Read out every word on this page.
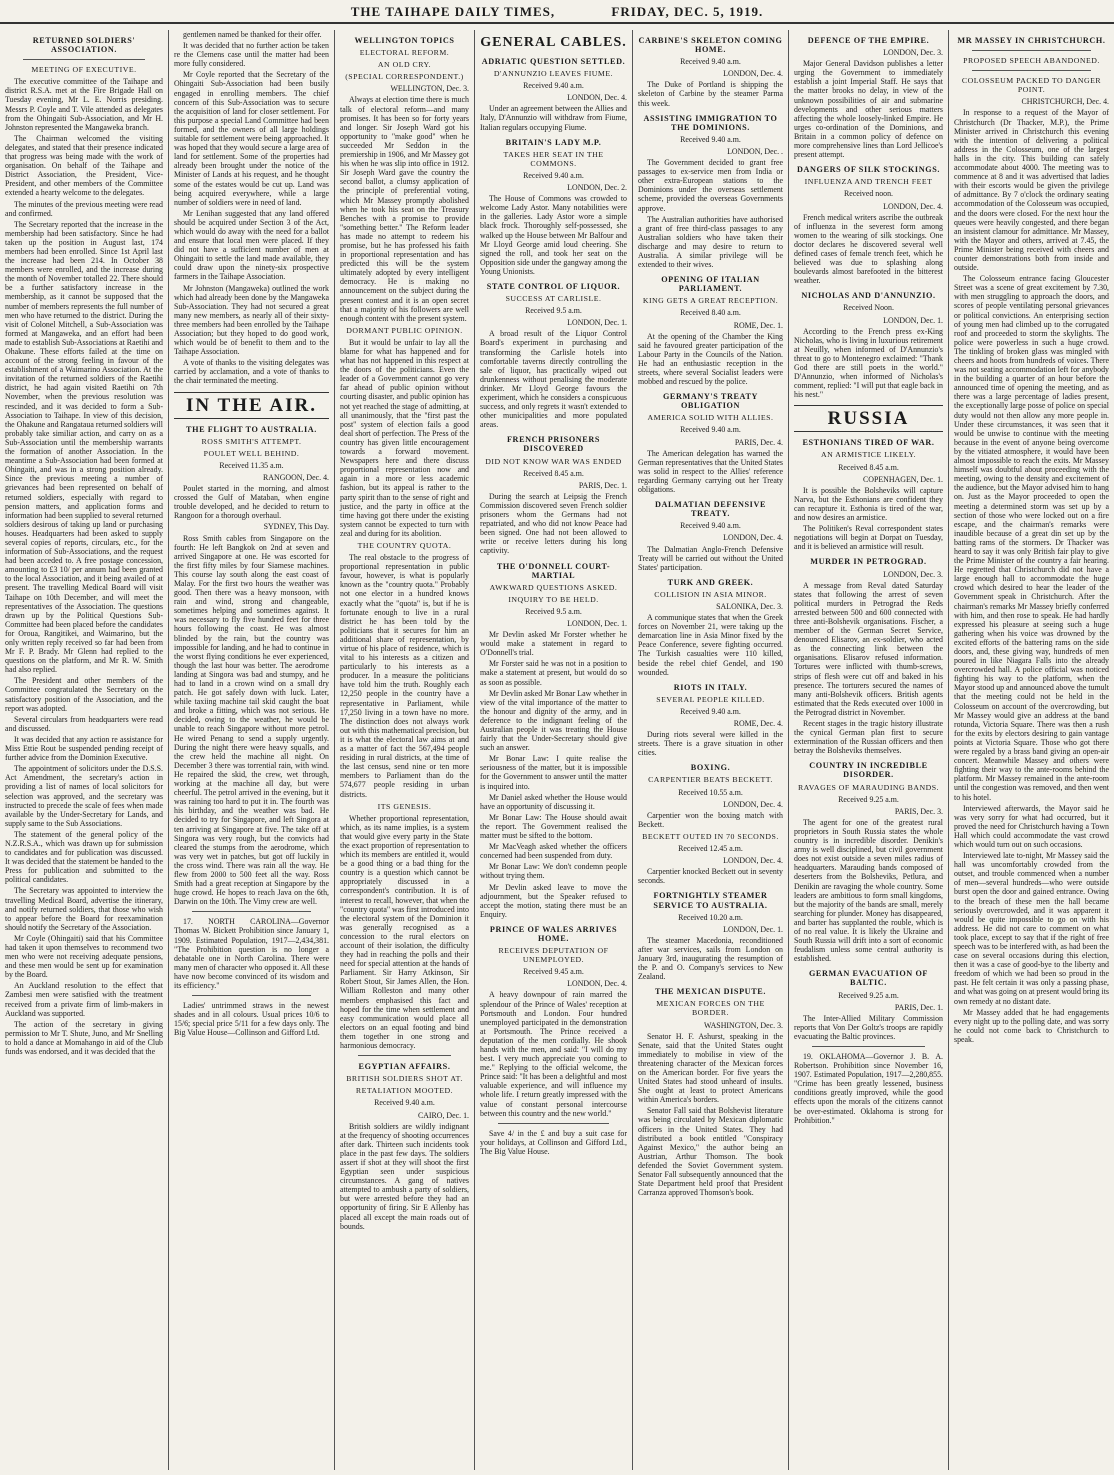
THE TAIHAPE DAILY TIMES,	FRIDAY, DEC. 5, 1919.
RETURNED SOLDIERS' ASSOCIATION.
MEETING OF EXECUTIVE.

The executive committee of the Taihape and district R.S.A. met at the Fire Brigade Hall on Tuesday evening, Mr L. E. Norris presiding. Messrs P. Coyle and T. Vile attended as delegates from the Ohingaiti Sub-Association, and Mr H. Johnston represented the Mangaweka branch.

The Chairman welcomed the visiting delegates, and stated that their presence indicated that progress was being made with the work of organisation. On behalf of the Taihape and District Association, the President, Vice-President, and other members of the Committee extended a hearty welcome to the delegates.

The minutes of the previous meeting were read and confirmed.

The Secretary reported that the increase in the membership had been satisfactory. Since he had taken up the position in August last, 174 members had been enrolled. Since 1st April last the increase had been 214. In October 38 members were enrolled, and the increase during the month of November totalled 22. There should be a further satisfactory increase in the membership, as it cannot be supposed that the number of members represents the full number of men who have returned to the district. During the visit of Colonel Mitchell, a Sub-Association was formed at Mangaweka, and an effort had been made to establish Sub-Associations at Raetihi and Ohakune. These efforts failed at the time on account of the strong feeling in favour of the establishment of a Waimarino Association. At the invitation of the returned soldiers of the Raetihi district, he had again visited Raetihi on 7th November, when the previous resolution was rescinded, and it was decided to form a Sub-Association to Taihape. In view of this decision, the Ohakune and Rangataua returned soldiers will probably take similiar action, and carry on as a Sub-Association until the membership warrants the formation of another Association. In the meantime a Sub-Association had been formed at Ohingaiti, and was in a strong position already. Since the previous meeting a number of grievances had been represented on behalf of returned soldiers, especially with regard to pension matters, and application forms and information had been supplied to several returned soldiers desirous of taking up land or purchasing houses. Headquarters had been asked to supply several copies of reports, circulars, etc., for the information of Sub-Associations, and the request had been acceded to. A free postage concession, amounting to £3 10/ per annum had been granted to the local Association, and it being availed of at present. The travelling Medical Board will visit Taihape on 10th December, and will meet the representatives of the Association. The questions drawn up by the Political Questions Sub-Committee had been placed before the candidates for Oroua, Rangitikei, and Waimarino, but the only written reply received so far had been from Mr F. P. Brady. Mr Glenn had replied to the questions on the platform, and Mr R. W. Smith had also replied.

The President and other members of the Committee congratulated the Secretary on the satisfactory position of the Association, and the report was adopted.

Several circulars from headquarters were read and discussed.

It was decided that any action re assistance for Miss Ettie Rout be suspended pending receipt of further advice from the Dominion Executive.

The appointment of solicitors under the D.S.S. Act Amendment, the secretary's action in providing a list of names of local solicitors for selection was approved, and the secretary was instructed to precede the scale of fees when made available by the Under-Secretary for Lands, and supply same to the Sub Associations.

The statement of the general policy of the N.Z.R.S.A., which was drawn up for submission to candidates and for publication was discussed. It was decided that the statement be handed to the Press for publication and submitted to the political candidates.

The Secretary was appointed to interview the travelling Medical Board, advertise the itinerary, and notify returned soldiers, that those who wish to appear before the Board for reexamination should notify the Secretary of the Association.

Mr Coyle (Ohingaiti) said that his Committee had taken it upon themselves to recommend two men who were not receiving adequate pensions, and these men would be sent up for examination by the Board.

An Auckland resolution to the effect that Zambesi men were satisfied with the treatment received from a private firm of limb-makers in Auckland was supported.

The action of the secretary in giving permission to Mr T. Shute, Juno, and Mr Snelling to hold a dance at Momahango in aid of the Club funds was endorsed, and it was decided that the

gentlemen named be thanked for their offer.

It was decided that no further action be taken re the Clemens case until the matter had been more fully considered.

Mr Coyle reported that the Secretary of the Ohingaiti Sub-Association had been busily engaged in enrolling members. The chief concern of this Sub-Association was to secure the acquisition of land for closer settlement. For this purpose a special Land Committee had been formed, and the owners of all large holdings suitable for settlement were being approached. It was hoped that they would secure a large area of land for settlement. Some of the properties had already been brought under the notice of the Minister of Lands at his request, and he thought some of the estates would be cut up. Land was being acquired everywhere, while a large number of soldiers were in need of land.

Mr Lenihan suggested that any land offered should be acquired under Section 3 of the Act, which would do away with the need for a ballot and ensure that local men were placed. If they did not have a sufficient number of men at Ohingaiti to settle the land made available, they could draw upon the ninety-six prospective farmers in the Taihape Association.

Mr Johnston (Mangaweka) outlined the work which had already been done by the Mangaweka Sub-Association. They had not secured a great many new members, as nearly all of their sixty-three members had been enrolled by the Taihape Association; but they hoped to do good work, which would be of benefit to them and to the Taihape Association.

A vote of thanks to the visiting delegates was carried by acclamation, and a vote of thanks to the chair terminated the meeting.

IN THE AIR.
THE FLIGHT TO AUSTRALIA.
ROSS SMITH'S ATTEMPT.
POULET WELL BEHIND.
Received 11.35 a.m.
RANGOON, Dec. 4.

Poulet started in the morning, and almost crossed the Gulf of Mataban, when engine trouble developed, and he decided to return to Rangoon for a thorough overhaul.

SYDNEY, This Day.

Ross Smith cables from Singapore on the fourth: He left Bangkok on 2nd at seven and arrived Singapore at one. He was escorted for the first fifty miles by four Siamese machines. This course lay south along the east coast of Malay. For the first two hours the weather was good. Then there was a heavy monsoon, with rain and wind, strong and changeable, sometimes helping and sometimes against. It was necessary to fly five hundred feet for three hours following the coast. He was almost blinded by the rain, but the country was impossible for landing, and he had to continue in the worst flying conditions he ever experienced, though the last hour was better. The aerodrome landing at Singora was bad and stumpy, and he had to land in a crown wind on a small dry patch. He got safely down with luck. Later, while taxiing machine tail skid caught the boat and broke a fitting, which was not serious. He decided, owing to the weather, he would be unable to reach Singapore without more petrol. He wired Penang to send a supply urgently. During the night there were heavy squalls, and the crew held the machine all night. On December 3 there was torrential rain, with wind. He repaired the skid, the crew, wet through, working at the machine all day, but were cheerful. The petrol arrived in the evening, but it was raining too hard to put it in. The fourth was his birthday, and the weather was bad. He decided to try for Singapore, and left Singora at ten arriving at Singapore at five. The take off at Singora was very rough, but the convicts had cleared the stumps from the aerodrome, which was very wet in patches, but got off luckily in the cross wind. There was rain all the way. He flew from 2000 to 500 feet all the way. Ross Smith had a great reception at Singapore by the huge crowd. He hopes to reach Java on the 6th, Darwin on the 10th. The Vimy crew are well.

17. NORTH CAROLINA—Governor Thomas W. Bickett Prohibition since January 1, 1909. Estimated Population, 1917—2,434,381. "The Prohibition question is no longer a debatable one in North Carolina. There were many men of character who opposed it. All these have now become convinced of its wisdom and its efficiency."

Ladies' untrimmed straws in the newest shades and in all colours. Usual prices 10/6 to 15/6; special price 5/11 for a few days only. The Big Value House—Collinson and Gifford Ltd.

WELLINGTON TOPICS
ELECTORAL REFORM.
AN OLD CRY.
(SPECIAL CORRESPONDENT.)
WELLINGTON, Dec. 3.

Always at election time there is much talk of electoral reform—and many promises. It has been so for forty years and longer. Sir Joseph Ward got his opportunity to "make good" when he succeeded Mr Seddon in the premiership in 1906, and Mr Massey got his when he was slip into office in 1912. Sir Joseph Ward gave the country the second ballot, a clumsy application of the principle of preferential voting, which Mr Massey promptly abolished when he took his seat on the Treasury Benches with a promise to provide "something better." The Reform leader has made no attempt to redeem his promise, but he has professed his faith in proportional representation and has predicted this will be the system ultimately adopted by every intelligent democracy. He is making no announcement on the subject during the present contest and it is an open secret that a majority of his followers are well enough content with the present system.

DORMANT PUBLIC OPINION.

But it would be unfair to lay all the blame for what has happened and for what has not happened in this respect at the doors of the politicians. Even the leader of a Government cannot go very far ahead of public opinion without courting disaster, and public opinion has not yet reached the stage of admitting, at all unanimously, that the "first past the post" system of election fails a good deal short of perfection. The Press of the country has given little encouragement towards a forward movement. Newspapers here and there discuss proportional representation now and again in a more or less academic fashion, but its appeal is rather to the party spirit than to the sense of right and justice, and the party in office at the time having got there under the existing system cannot be expected to turn with zeal and during for its abolition.

THE COUNTRY QUOTA.

The real obstacle to the progress of proportional representation in public favour, however, is what is popularly known as the "country quota." Probably not one elector in a hundred knows exactly what the "quota" is, but if he is fortunate enough to live in a rural district he has been told by the politicians that it secures for him an additional share of representation, by virtue of his place of residence, which is vital to his interests as a citizen and particularly to his interests as a producer. In a measure the politicians have told him the truth. Roughly each 12,250 people in the country have a representative in Parliament, while 17,250 living in a town have no more. The distinction does not always work out with this mathematical precision, but it is what the electoral law aims at and as a matter of fact the 567,494 people residing in rural districts, at the time of the last census, send nine or ten more members to Parliament than do the 574,677 people residing in urban districts.

ITS GENESIS.

Whether proportional representation, which, as its name implies, is a system that would give every party in the State the exact proportion of representation to which its members are entitled it, would be a good thing or a bad thing for the country is a question which cannot be appropriately discussed in a correspondent's contribution. It is of interest to recall, however, that when the "country quota" was first introduced into the electoral system of the Dominion it was generally recognised as a concession to the rural electors on account of their isolation, the difficulty they had in reaching the polls and their need for special attention at the hands of Parliament. Sir Harry Atkinson, Sir Robert Stout, Sir James Allen, the Hon. William Rolleston and many other members emphasised this fact and hoped for the time when settlement and easy communication would place all electors on an equal footing and bind them together in one strong and harmonious democracy.

EGYPTIAN AFFAIRS.
BRITISH SOLDIERS SHOT AT.
RETALIATION MOOTED.
Received 9.40 a.m.
CAIRO, Dec. 1.

British soldiers are wildly indignant at the frequency of shooting occurrences after dark. Thirteen such incidents took place in the past few days. The soldiers assert if shot at they will shoot the first Egyptian seen under suspicious circumstances. A gang of natives attempted to ambush a party of soldiers, but were arrested before they had an opportunity of firing. Sir E Allenby has placed all except the main roads out of bounds.

GENERAL CABLES.
ADRIATIC QUESTION SETTLED.
D'ANNUNZIO LEAVES FIUME.
Received 9.40 a.m.
LONDON, Dec. 4.

Under an agreement between the Allies and Italy, D'Annunzio will withdraw from Fiume, Italian regulars occupying Fiume.

BRITAIN'S LADY M.P.
TAKES HER SEAT IN THE COMMONS.
Received 9.40 a.m.
LONDON, Dec. 2.

The House of Commons was crowded to welcome Lady Astor. Many notabilities were in the galleries. Lady Astor wore a simple black frock. Thoroughly self-possessed, she walked up the House between Mr Balfour and Mr Lloyd George amid loud cheering. She signed the roll, and took her seat on the Opposition side under the gangway among the Young Unionists.

STATE CONTROL OF LIQUOR.
SUCCESS AT CARLISLE.
Received 9.5 a.m.
LONDON, Dec. 1.

A broad result of the Liquor Control Board's experiment in purchasing and transforming the Carlisle hotels into comfortable taverns directly controlling the sale of liquor, has practically wiped out drunkenness without penalising the moderate drinker. Mr Lloyd George favours the experiment, which he considers a conspicuous success, and only regrets it wasn't extended to other municipalities and more populated areas.

FRENCH PRISONERS DISCOVERED
DID NOT KNOW WAR WAS ENDED
Received 8.45 a.m.
PARIS, Dec. 1.

During the search at Leipsig the French Commission discovered seven French soldier prisoners whom the Germans had not repatriated, and who did not know Peace had been signed. One had not been allowed to write or receive letters during his long captivity.

THE O'DONNELL COURT-MARTIAL
AWKWARD QUESTIONS ASKED.
INQUIRY TO BE HELD.
Received 9.5 a.m.
LONDON, Dec. 1.

Mr Devlin asked Mr Forster whether he would make a statement in regard to O'Donnell's trial.

Mr Forster said he was not in a position to make a statement at present, but would do so as soon as possible.

Mr Devlin asked Mr Bonar Law whether in view of the vital importance of the matter to the honour and dignity of the army, and in deference to the indignant feeling of the Australian people it was treating the House fairly that the Under-Secretary should give such an answer.

Mr Bonar Law: I quite realise the seriousness of the matter, but it is impossible for the Government to answer until the matter is inquired into.

Mr Daniel asked whether the House would have an opportunity of discussing it.

Mr Bonar Law: The House should await the report. The Government realised the matter must be sifted to the bottom.

Mr MacVeagh asked whether the officers concerned had been suspended from duty.

Mr Bonar Law: We don't condemn people without trying them.

Mr Devlin asked leave to move the adjournment, but the Speaker refused to accept the motion, stating there must be an Enquiry.

PRINCE OF WALES ARRIVES HOME.
RECEIVES DEPUTATION OF UNEMPLOYED.
Received 9.45 a.m.
LONDON, Dec. 4.

A heavy downpour of rain marred the splendour of the Prince of Wales' reception at Portsmouth and London. Four hundred unemployed participated in the demonstration at Portsmouth. The Prince received a deputation of the men cordially. He shook hands with the men, and said: "I will do my best. I very much appreciate you coming to me." Replying to the official welcome, the Prince said: "It has been a delightful and most valuable experience, and will influence my whole life. I return greatly impressed with the value of constant personal intercourse between this country and the new world."

Save 4/ in the £ and buy a suit case for your holidays, at Collinson and Gifford Ltd., The Big Value House.

CARBINE'S SKELETON COMING HOME.
Received 9.40 a.m.
LONDON, Dec. 4.

The Duke of Portland is shipping the skeleton of Carbine by the steamer Parma this week.

ASSISTING IMMIGRATION TO THE DOMINIONS.
Received 9.40 a.m.
LONDON, Dec. .

The Government decided to grant free passages to ex-service men from India or other extra-European stations to the Dominions under the overseas settlement scheme, provided the overseas Governments approve.

The Australian authorities have authorised a grant of free third-class passages to any Australian soldiers who have taken their discharge and may desire to return to Australia. A similar privilege will be extended to their wives.

OPENING OF ITALIAN PARLIAMENT.
KING GETS A GREAT RECEPTION.
Received 8.40 a.m.
ROME, Dec. 1.

At the opening of the Chamber the King said he favoured greater participation of the Labour Party in the Councils of the Nation. He had an enthusiastic reception in the streets, where several Socialist leaders were mobbed and rescued by the police.

GERMANY'S TREATY OBLIGATION
AMERICA SOLID WITH ALLIES.
Received 9.40 a.m.
PARIS, Dec. 4.

The American delegation has warned the German representatives that the United States was solid in respect to the Allies' reference regarding Germany carrying out her Treaty obligations.

DALMATIAN DEFENSIVE TREATY.
Received 9.40 a.m.
LONDON, Dec. 4.

The Dalmatian Anglo-French Defensive Treaty will be carried out without the United States' participation.

TURK AND GREEK.
COLLISION IN ASIA MINOR.
SALONIKA, Dec. 3.

A communique states that when the Greek forces on November 21, were taking up the demarcation line in Asia Minor fixed by the Peace Conference, severe fighting occurred. The Turkish casualties were 110 killed, beside the rebel chief Gendel, and 190 wounded.

RIOTS IN ITALY.
SEVERAL PEOPLE KILLED.
Received 9.40 a.m.
ROME, Dec. 4.

During riots several were killed in the streets. There is a grave situation in other cities.

BOXING.
CARPENTIER BEATS BECKETT.
Received 10.55 a.m.
LONDON, Dec. 4.

Carpentier won the boxing match with Beckett.

BECKETT OUTED IN 70 SECONDS.
Received 12.45 a.m.
LONDON, Dec. 4.

Carpentier knocked Beckett out in seventy seconds.

FORTNIGHTLY STEAMER SERVICE TO AUSTRALIA.
Received 10.20 a.m.
LONDON, Dec. 1.

The steamer Macedonia, reconditioned after war services, sails from London on January 3rd, inaugurating the resumption of the P. and O. Company's services to New Zealand.

THE MEXICAN DISPUTE.
MEXICAN FORCES ON THE BORDER.
WASHINGTON, Dec. 3.

Senator H. F. Ashurst, speaking in the Senate, said that the United States ought immediately to mobilise in view of the threatening character of the Mexican forces on the American border. For five years the United States had stood unheard of insults. She ought at least to protect Americans within America's borders.

Senator Fall said that Bolshevist literature was being circulated by Mexican diplomatic officers in the United States. They had distributed a book entitled "Conspiracy Against Mexico," the author being an Austrian, Arthur Thomson. The book defended the Soviet Government system. Senator Fall subsequently announced that the State Department held proof that President Carranza approved Thomson's book.

DEFENCE OF THE EMPIRE.
LONDON, Dec. 3.

Major General Davidson publishes a letter urging the Government to immediately establish a joint Imperial Staff. He says that the matter brooks no delay, in view of the unknown possibilities of air and submarine developments and other serious matters affecting the whole loosely-linked Empire. He urges co-ordination of the Dominions, and Britain in a common policy of defence on more comprehensive lines than Lord Jellicoe's present attempt.

DANGERS OF SILK STOCKINGS.
INFLUENZA AND TRENCH FEET
Received noon.
LONDON, Dec. 4.

French medical writers ascribe the outbreak of influenza in the severest form among women to the wearing of silk stockings. One doctor declares he discovered several well defined cases of female trench feet, which he believed was due to splashing along boulevards almost barefooted in the bitterest weather.

NICHOLAS AND D'ANNUNZIO.
Received Noon.
LONDON, Dec. 1.

According to the French press ex-King Nicholas, who is living in luxurious retirement at Neuilly, when informed of D'Annunzio's threat to go to Montenegro exclaimed: "Thank God there are still poets in the world." D'Annunzio, when informed of Nicholas's comment, replied: "I will put that eagle back in his nest."

RUSSIA
ESTHONIANS TIRED OF WAR.
AN ARMISTICE LIKELY.
Received 8.45 a.m.
COPENHAGEN, Dec. 1.

It is possible the Bolsheviks will capture Narva, but the Esthonians are confident they can recapture it. Esthonia is tired of the war, and now desires an armistice.

The Politiken's Reval correspondent states negotiations will begin at Dorpat on Tuesday, and it is believed an armistice will result.

MURDER IN PETROGRAD.
LONDON, Dec. 3.

A message from Reval dated Saturday states that following the arrest of seven political murders in Petrograd the Reds arrested between 500 and 600 connected with three anti-Bolshevik organisations. Fischer, a member of the German Secret Service, denounced Elisarov, an ex-soldier, who acted as the connecting link between the organisations. Elisarov refused information. Tortures were inflicted with thumb-screws, strips of flesh were cut off and baked in his presence. The torturers secured the names of many anti-Bolshevik officers. British agents estimated that the Reds executed over 1000 in the Petrograd district in November.

Recent stages in the tragic history illustrate the cynical German plan first to secure extermination of the Russian officers and then betray the Bolsheviks themselves.

COUNTRY IN INCREDIBLE DISORDER.
RAVAGES OF MARAUDING BANDS.
Received 9.25 a.m.
PARIS, Dec. 3.

The agent for one of the greatest rural proprietors in South Russia states the whole country is in incredible disorder. Denikin's army is well disciplined, but civil government does not exist outside a seven miles radius of headquarters. Marauding bands composed of deserters from the Bolsheviks, Petlura, and Denikin are ravaging the whole country. Some leaders are ambitious to form small kingdoms, but the majority of the bands are small, merely searching for plunder. Money has disappeared, and barter has supplanted the rouble, which is of no real value. It is likely the Ukraine and South Russia will drift into a sort of economic feudalism unless some central authority is established.

GERMAN EVACUATION OF BALTIC.
Received 9.25 a.m.
PARIS, Dec. 1.

The Inter-Allied Military Commission reports that Von Der Goltz's troops are rapidly evacuating the Baltic provinces.

19. OKLAHOMA—Governor J. B. A. Robertson. Prohibition since November 16, 1907. Estimated Population, 1917—2,280,855. "Crime has been greatly lessened, business conditions greatly improved, while the good effects upon the morals of the citizens cannot be over-estimated. Oklahoma is strong for Prohibition."

MR MASSEY IN CHRISTCHURCH.
PROPOSED SPEECH ABANDONED.
COLOSSEUM PACKED TO DANGER POINT.
CHRISTCHURCH, Dec. 4.

In response to a request of the Mayor of Christchurch (Dr Thacker, M.P.), the Prime Minister arrived in Christchurch this evening with the intention of delivering a political address in the Colosseum, one of the largest halls in the city. This building can safely accommodate about 4000. The meeting was to commence at 8 and it was advertised that ladies with their escorts would be given the privilege of admittance. By 7 o'clock the ordinary seating accommodation of the Colosseum was occupied, and the doors were closed. For the next hour the queues were heavily congested, and there began an insistent clamour for admittance. Mr Massey, with the Mayor and others, arrived at 7.45, the Prime Minister being received with cheers and counter demonstrations both from inside and outside.

The Colosseum entrance facing Gloucester Street was a scene of great excitement by 7.30, with men struggling to approach the doors, and scores of people ventilating personal grievances or political convictions. An enterprising section of young men had climbed up to the corrugated roof and proceeded to storm the skylights. The police were powerless in such a huge crowd. The tinkling of broken glass was mingled with cheers and hoots from hundreds of voices. There was not seating accommodation left for anybody in the building a quarter of an hour before the announced time of opening the meeting, and as there was a large percentage of ladies present, the exceptionally large posse of police on special duty would not then allow any more people in. Under these circumstances, it was seen that it would be unwise to continue with the meeting because in the event of anyone being overcome by the vitiated atmosphere, it would have been almost impossible to reach the exits. Mr Massey himself was doubtful about proceeding with the meeting, owing to the density and excitement of the audience, but the Mayor advised him to hang on. Just as the Mayor proceeded to open the meeting a determined storm was set up by a section of those who were locked out on a fire escape, and the chairman's remarks were inaudible because of a great din set up by the batting rams of the stormers. Dr Thacker was heard to say it was only British fair play to give the Prime Minister of the country a fair hearing. He regretted that Christchurch did not have a large enough hall to accommodate the huge crowd which desired to hear the leader of the Government speak in Christchurch. After the chairman's remarks Mr Massey briefly conferred with him, and then rose to speak. He had hardly expressed his pleasure at seeing such a huge gathering when his voice was drowned by the excited efforts of the battering rams on the side doors, and, these giving way, hundreds of men poured in like Niagara Falls into the already overcrowded hall. A police official was noticed fighting his way to the platform, when the Mayor stood up and announced above the tumult that the meeting could not be held in the Colosseum on account of the overcrowding, but Mr Massey would give an address at the band rotunda, Victoria Square. There was then a rush for the exits by electors desiring to gain vantage points at Victoria Square. Those who got there were regaled by a brass band giving an open-air concert. Meanwhile Massey and others were fighting their way to the ante-rooms behind the platform. Mr Massey remained in the ante-room until the congestion was removed, and then went to his hotel.

Interviewed afterwards, the Mayor said he was very sorry for what had occurred, but it proved the need for Christchurch having a Town Hall which could accommodate the vast crowd which would turn out on such occasions.

Interviewed late to-night, Mr Massey said the hall was uncomfortably crowded from the outset, and trouble commenced when a number of men—several hundreds—who were outside burst open the door and gained entrance. Owing to the breach of these men the hall became seriously overcrowded, and it was apparent it would be quite impossible to go on with his address. He did not care to comment on what took place, except to say that if the right of free speech was to be interfered with, as had been the case on several occasions during this election, then it was a case of good-bye to the liberty and freedom of which we had been so proud in the past. He felt certain it was only a passing phase, and what was going on at present would bring its own remedy at no distant date.

Mr Massey added that he had engagements every night up to the polling date, and was sorry he could not come back to Christchurch to speak.
